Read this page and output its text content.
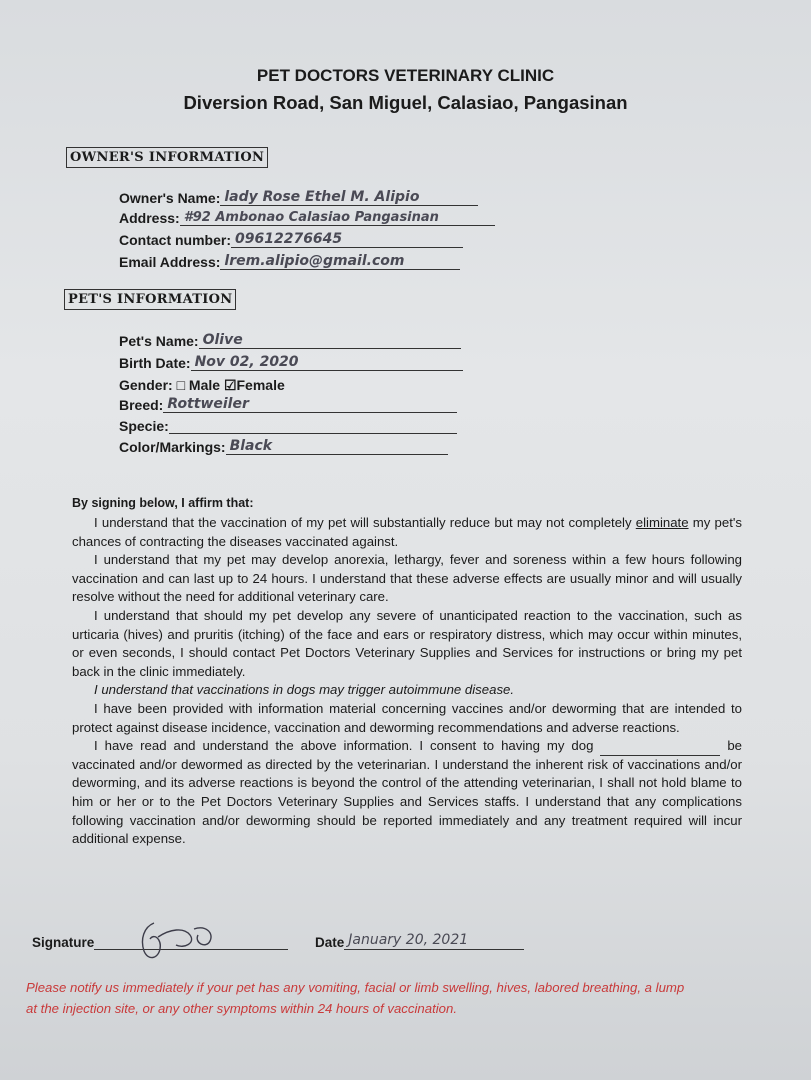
PET DOCTORS VETERINARY CLINIC
Diversion Road, San Miguel, Calasiao, Pangasinan
OWNER'S INFORMATION
Owner's Name: lady Rose Ethel M. Alipio
Address: #92 Ambonao Calasiao Pangasinan
Contact number: 09612276645
Email Address: lrem.alipio@gmail.com
PET'S INFORMATION
Pet's Name: Olive
Birth Date: Nov 02, 2020
Gender: □ Male ☑Female
Breed: Rottweiler
Specie:
Color/Markings: Black
By signing below, I affirm that:

I understand that the vaccination of my pet will substantially reduce but may not completely eliminate my pet's chances of contracting the diseases vaccinated against.

I understand that my pet may develop anorexia, lethargy, fever and soreness within a few hours following vaccination and can last up to 24 hours. I understand that these adverse effects are usually minor and will usually resolve without the need for additional veterinary care.

I understand that should my pet develop any severe of unanticipated reaction to the vaccination, such as urticaria (hives) and pruritis (itching) of the face and ears or respiratory distress, which may occur within minutes, or even seconds, I should contact Pet Doctors Veterinary Supplies and Services for instructions or bring my pet back in the clinic immediately.

I understand that vaccinations in dogs may trigger autoimmune disease.

I have been provided with information material concerning vaccines and/or deworming that are intended to protect against disease incidence, vaccination and deworming recommendations and adverse reactions.

I have read and understand the above information. I consent to having my dog	be vaccinated and/or dewormed as directed by the veterinarian. I understand the inherent risk of vaccinations and/or deworming, and its adverse reactions is beyond the control of the attending veterinarian, I shall not hold blame to him or her or to the Pet Doctors Veterinary Supplies and Services staffs. I understand that any complications following vaccination and/or deworming should be reported immediately and any treatment required will incur additional expense.

Signature	Date January 20, 2021
Please notify us immediately if your pet has any vomiting, facial or limb swelling, hives, labored breathing, a lump at the injection site, or any other symptoms within 24 hours of vaccination.
